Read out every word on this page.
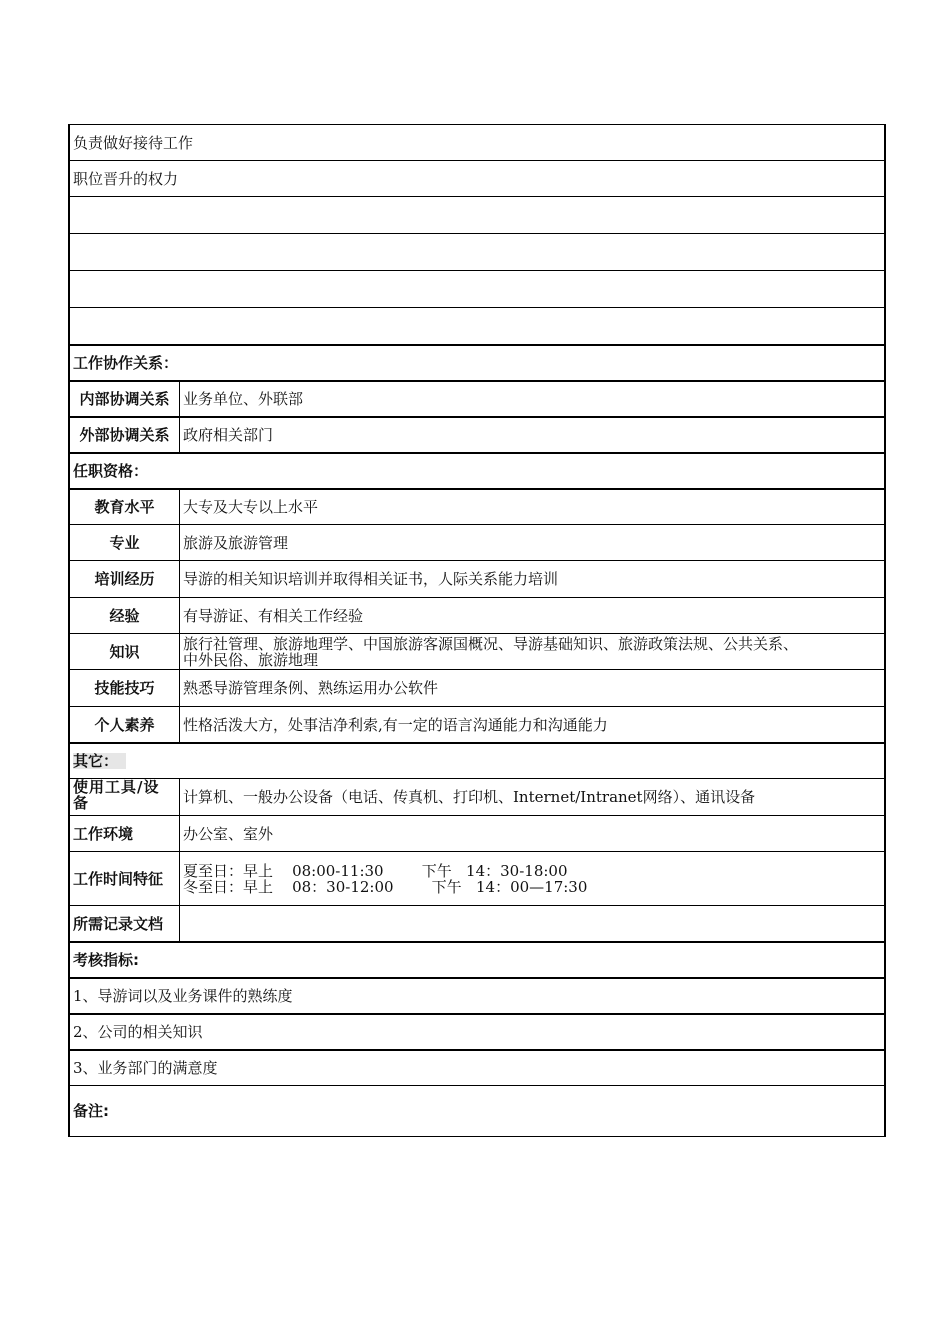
负责做好接待工作
职位晋升的权力
工作协作关系：
内部协调关系 业务单位、外联部
外部协调关系 政府相关部门
任职资格：
教育水平	大专及大专以上水平
专业	旅游及旅游管理
培训经历	导游的相关知识培训并取得相关证书，人际关系能力培训
经验	有导游证、有相关工作经验
知识	旅行社管理、旅游地理学、中国旅游客源国概况、导游基础知识、旅游政策法规、公共关系、
中外民俗、旅游地理
技能技巧	熟悉导游管理条例、熟练运用办公软件
个人素养	性格活泼大方，处事洁净利索,有一定的语言沟通能力和沟通能力
其它：
使用工具/设
备	计算机、一般办公设备（电话、传真机、打印机、Internet/Intranet网络）、通讯设备
工作环境	办公室、室外
工作时间特征	夏至日：早上    08:00-11:30        下午   14：30-18:00
冬至日：早上    08：30-12:00        下午   14：00—17:30
所需记录文档
考核指标:
1、导游词以及业务课件的熟练度
2、公司的相关知识
3、业务部门的满意度
备注:
